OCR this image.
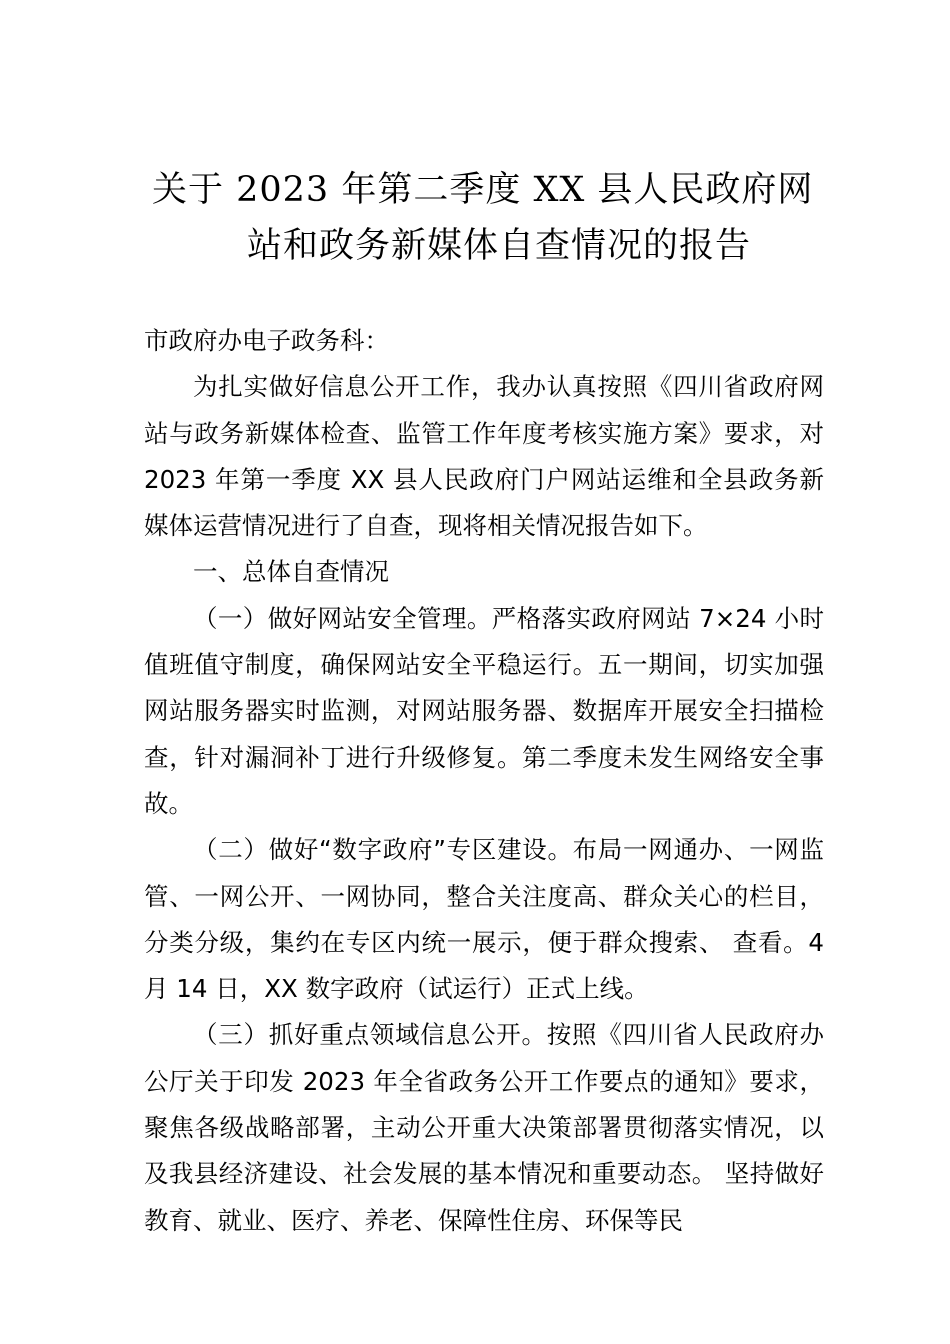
关于 2023 年第二季度 XX 县人民政府网
站和政务新媒体自查情况的报告

市政府办电子政务科：

为扎实做好信息公开工作，我办认真按照《四川省政府网站与政务新媒体检查、监管工作年度考核实施方案》要求，对 2023 年第一季度 XX 县人民政府门户网站运维和全县政务新媒体运营情况进行了自查，现将相关情况报告如下。

一、总体自查情况

（一）做好网站安全管理。严格落实政府网站 7×24 小时值班值守制度，确保网站安全平稳运行。五一期间，切实加强网站服务器实时监测，对网站服务器、数据库开展安全扫描检查，针对漏洞补丁进行升级修复。第二季度未发生网络安全事故。

（二）做好“数字政府”专区建设。布局一网通办、一网监管、一网公开、一网协同，整合关注度高、群众关心的栏目，分类分级，集约在专区内统一展示，便于群众搜索、 查看。4 月 14 日，XX 数字政府（试运行）正式上线。

（三）抓好重点领域信息公开。按照《四川省人民政府办公厅关于印发 2023 年全省政务公开工作要点的通知》要求，聚焦各级战略部署，主动公开重大决策部署贯彻落实情况，以及我县经济建设、社会发展的基本情况和重要动态。 坚持做好教育、就业、医疗、养老、保障性住房、环保等民
